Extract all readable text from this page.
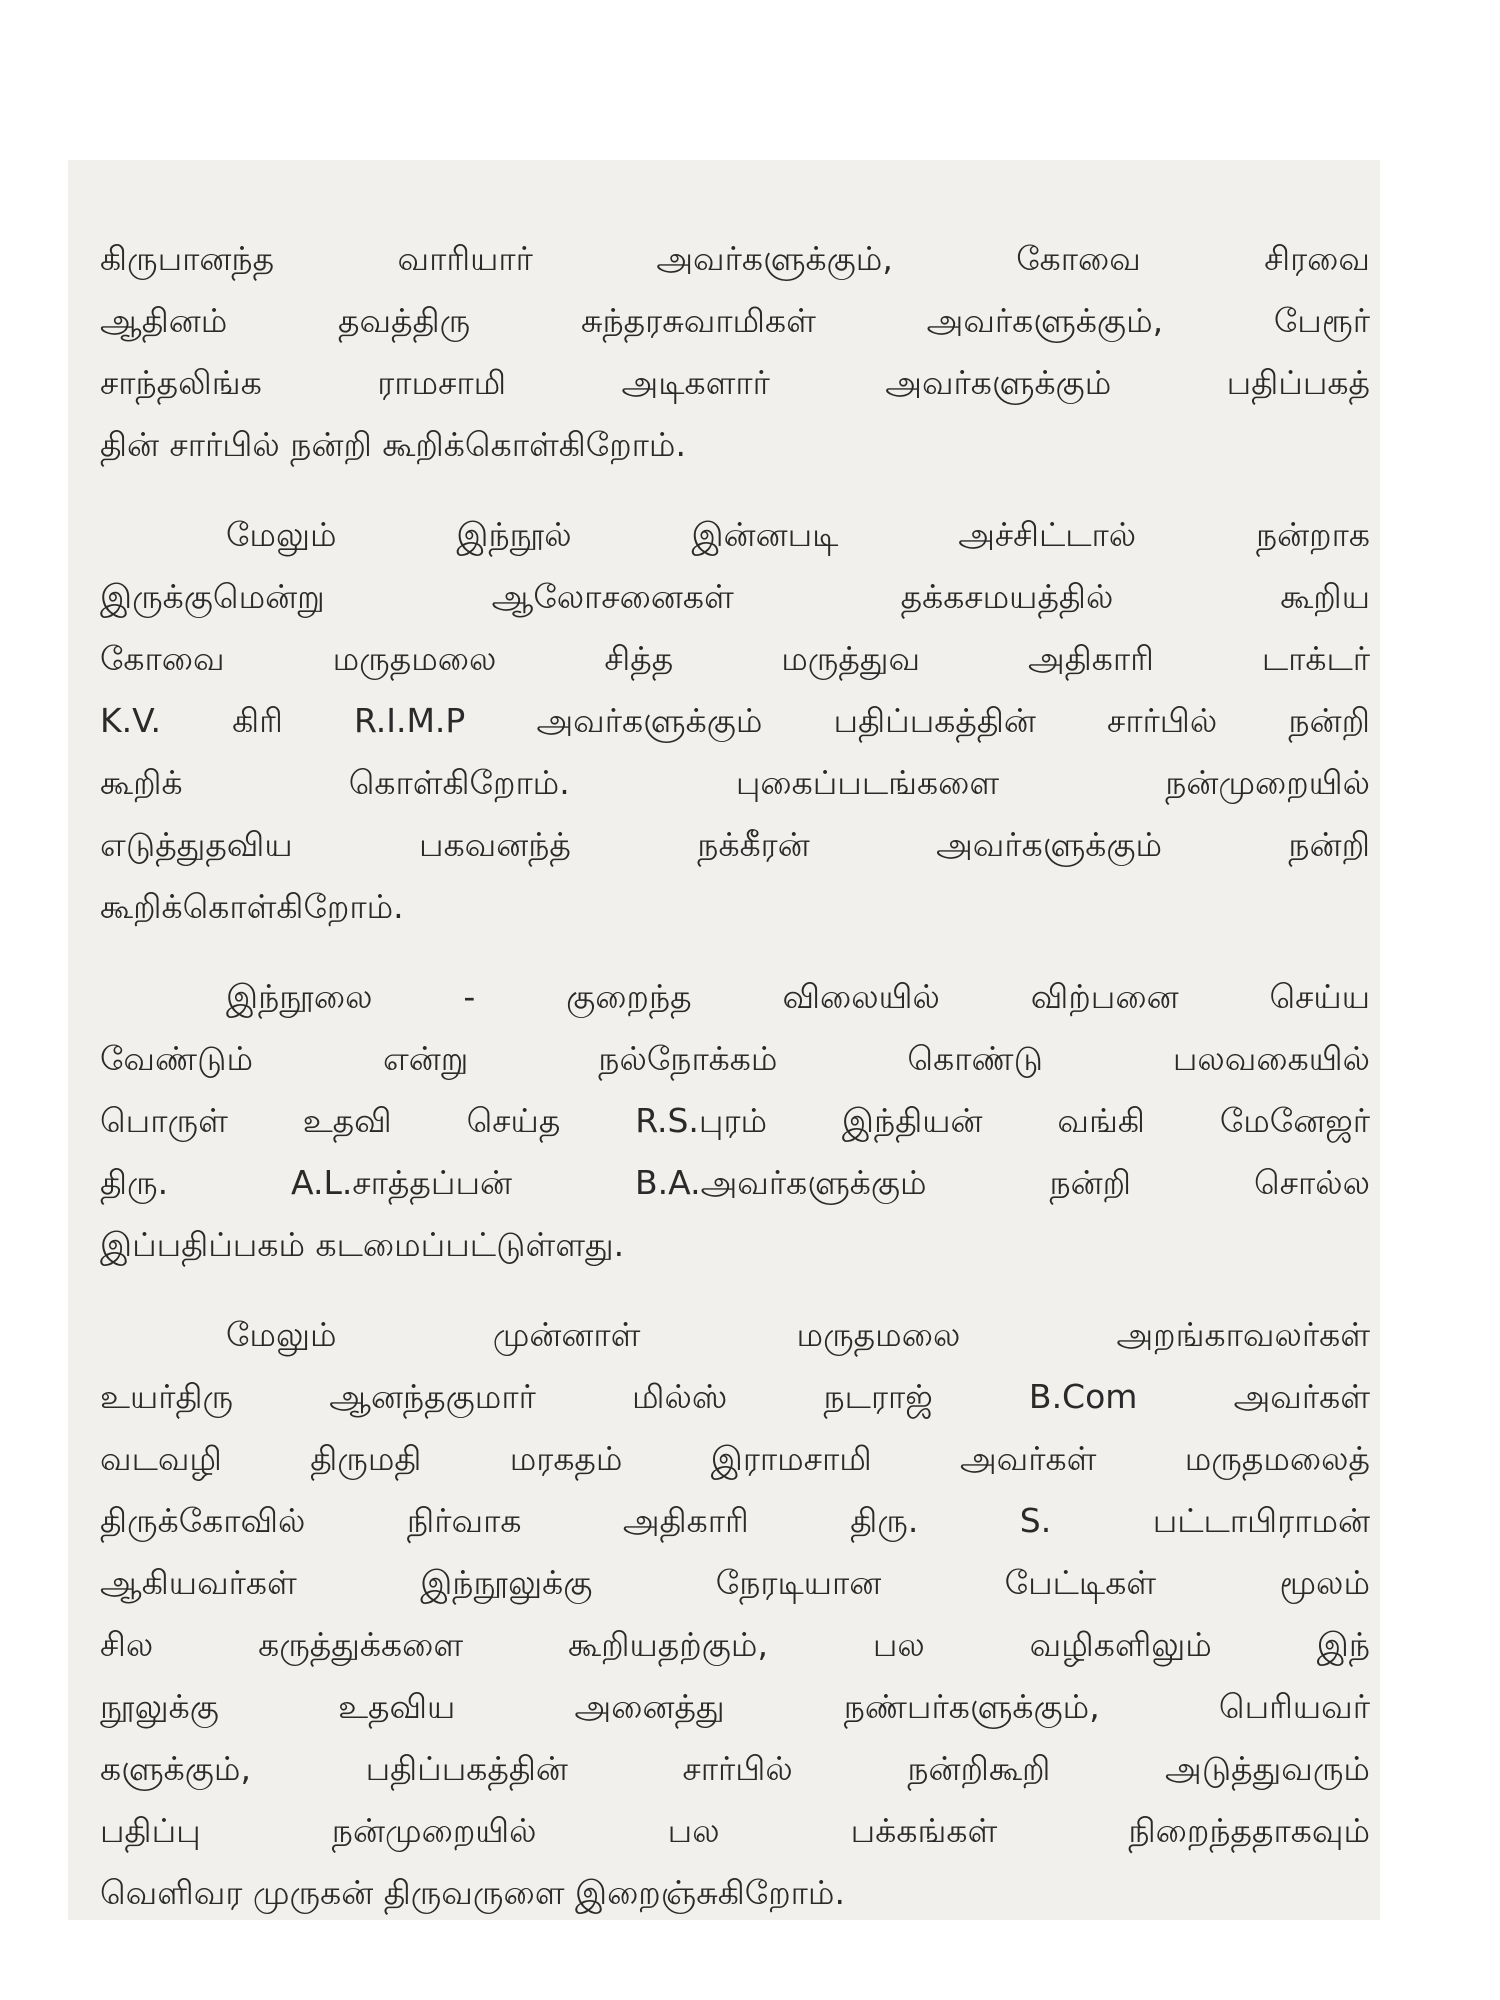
கிருபானந்த வாரியார் அவர்களுக்கும், கோவை சிரவை
ஆதினம் தவத்திரு சுந்தரசுவாமிகள் அவர்களுக்கும், பேரூர்
சாந்தலிங்க ராமசாமி அடிகளார் அவர்களுக்கும் பதிப்பகத்
தின் சார்பில் நன்றி கூறிக்கொள்கிறோம்.
மேலும் இந்நூல் இன்னபடி அச்சிட்டால் நன்றாக
இருக்குமென்று ஆலோசனைகள் தக்கசமயத்தில் கூறிய
கோவை மருதமலை சித்த மருத்துவ அதிகாரி டாக்டர்
K.V. கிரி R.I.M.P அவர்களுக்கும் பதிப்பகத்தின் சார்பில் நன்றி
கூறிக் கொள்கிறோம். புகைப்படங்களை நன்முறையில்
எடுத்துதவிய பகவனந்த் நக்கீரன் அவர்களுக்கும் நன்றி
கூறிக்கொள்கிறோம்.
இந்நூலை - குறைந்த விலையில் விற்பனை செய்ய
வேண்டும் என்று நல்நோக்கம் கொண்டு பலவகையில்
பொருள் உதவி செய்த R.S.புரம் இந்தியன் வங்கி மேனேஜர்
திரு. A.L.சாத்தப்பன் B.A.அவர்களுக்கும் நன்றி சொல்ல
இப்பதிப்பகம் கடமைப்பட்டுள்ளது.
மேலும் முன்னாள் மருதமலை அறங்காவலர்கள்
உயர்திரு ஆனந்தகுமார் மில்ஸ் நடராஜ் B.Com அவர்கள்
வடவழி திருமதி மரகதம் இராமசாமி அவர்கள் மருதமலைத்
திருக்கோவில் நிர்வாக அதிகாரி திரு. S. பட்டாபிராமன்
ஆகியவர்கள் இந்நூலுக்கு நேரடியான பேட்டிகள் மூலம்
சில கருத்துக்களை கூறியதற்கும், பல வழிகளிலும் இந்
நூலுக்கு உதவிய அனைத்து நண்பர்களுக்கும், பெரியவர்
களுக்கும், பதிப்பகத்தின் சார்பில் நன்றிகூறி அடுத்துவரும்
பதிப்பு நன்முறையில் பல பக்கங்கள் நிறைந்ததாகவும்
வெளிவர முருகன் திருவருளை இறைஞ்சுகிறோம்.
